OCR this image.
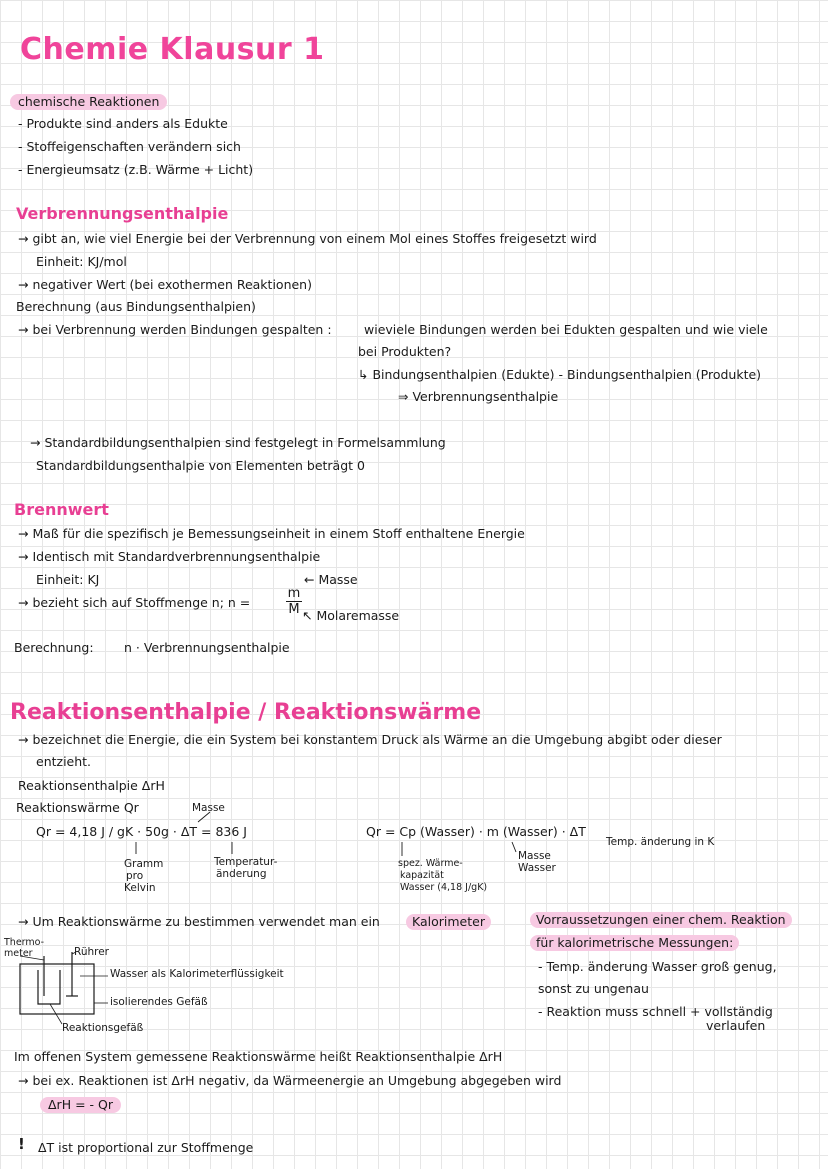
Chemie Klausur 1
chemische Reaktionen
- Produkte sind anders als Edukte
- Stoffeigenschaften verändern sich
- Energieumsatz (z.B. Wärme + Licht)
Verbrennungsenthalpie
→ gibt an, wie viel Energie bei der Verbrennung von einem Mol eines Stoffes freigesetzt wird
Einheit: KJ/mol
→ negativer Wert (bei exothermen Reaktionen)
Berechnung (aus Bindungsenthalpien)
→ bei Verbrennung werden Bindungen gespalten :	wieviele Bindungen werden bei Edukten gespalten und wie viele
bei Produkten?
↳ Bindungsenthalpien (Edukte) - Bindungsenthalpien (Produkte)
⇒ Verbrennungsenthalpie
→ Standardbildungsenthalpien sind festgelegt in Formelsammlung
Standardbildungsenthalpie von Elementen beträgt 0
Brennwert
→ Maß für die spezifisch je Bemessungseinheit in einem Stoff enthaltene Energie
→ Identisch mit Standardverbrennungsenthalpie
Einheit: KJ
→ bezieht sich auf Stoffmenge n; n =	$\frac{m}{M}$
← Masse
↖ Molaremasse
Berechnung: n · Verbrennungsenthalpie
Reaktionsenthalpie / Reaktionswärme
→ bezeichnet die Energie, die ein System bei konstantem Druck als Wärme an die Umgebung abgibt oder dieser
entzieht.
Reaktionsenthalpie ΔrH
Reaktionswärme Qr	Masse
Qr = 4,18 J / gK · 50g · ΔT = 836 J
Gramm
pro
Kelvin
Temperatur-
änderung
Qr = Cp (Wasser) · m (Wasser) · ΔT
Temp. änderung in K
spez. Wärme-
kapazität
Wasser (4,18 J/gK)
Masse
Wasser
→ Um Reaktionswärme zu bestimmen verwendet man ein	Kalorimeter
Thermo-
meter	Rührer
Wasser als Kalorimeterflüssigkeit
isolierendes Gefäß
Reaktionsgefäß
Vorraussetzungen einer chem. Reaktion
für kalorimetrische Messungen:
- Temp. änderung Wasser groß genug,
sonst zu ungenau
- Reaktion muss schnell + vollständig
verlaufen
Im offenen System gemessene Reaktionswärme heißt Reaktionsenthalpie ΔrH
→ bei ex. Reaktionen ist ΔrH negativ, da Wärmeenergie an Umgebung abgegeben wird
ΔrH = - Qr
! ΔT ist proportional zur Stoffmenge
